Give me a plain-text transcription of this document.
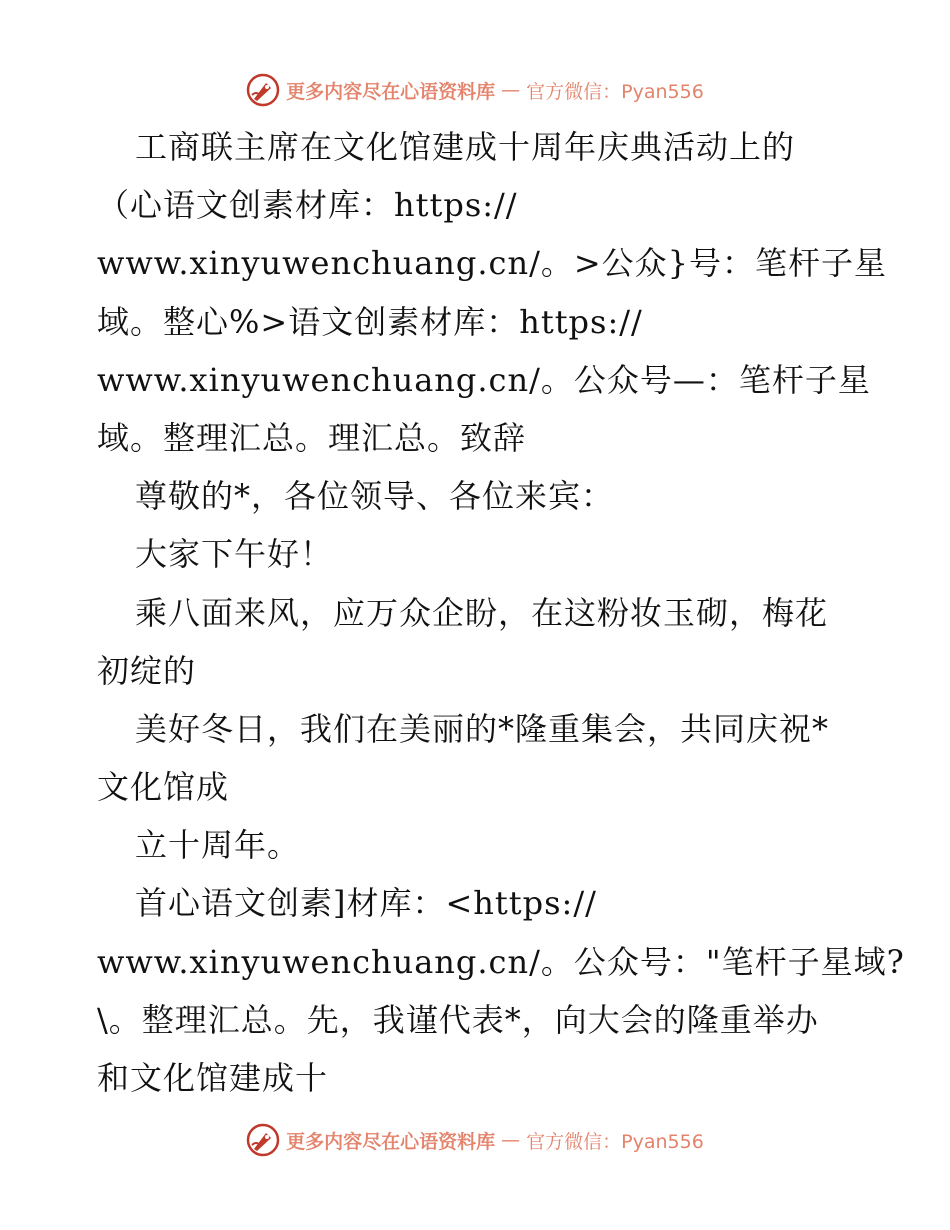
更多内容尽在心语资料库 — 官方微信：Pyan556
工商联主席在文化馆建成十周年庆典活动上的
（心语文创素材库：https://
www.xinyuwenchuang.cn/。>公众}号：笔杆子星
域。整心%>语文创素材库：https://
www.xinyuwenchuang.cn/。公众号—：笔杆子星
域。整理汇总。理汇总。致辞
尊敬的*，各位领导、各位来宾：
大家下午好！
乘八面来风，应万众企盼，在这粉妆玉砌，梅花
初绽的
美好冬日，我们在美丽的*隆重集会，共同庆祝*
文化馆成
立十周年。
首心语文创素]材库：<https://
www.xinyuwenchuang.cn/。公众号："笔杆子星域?
\。整理汇总。先，我谨代表*，向大会的隆重举办
和文化馆建成十
更多内容尽在心语资料库 — 官方微信：Pyan556
